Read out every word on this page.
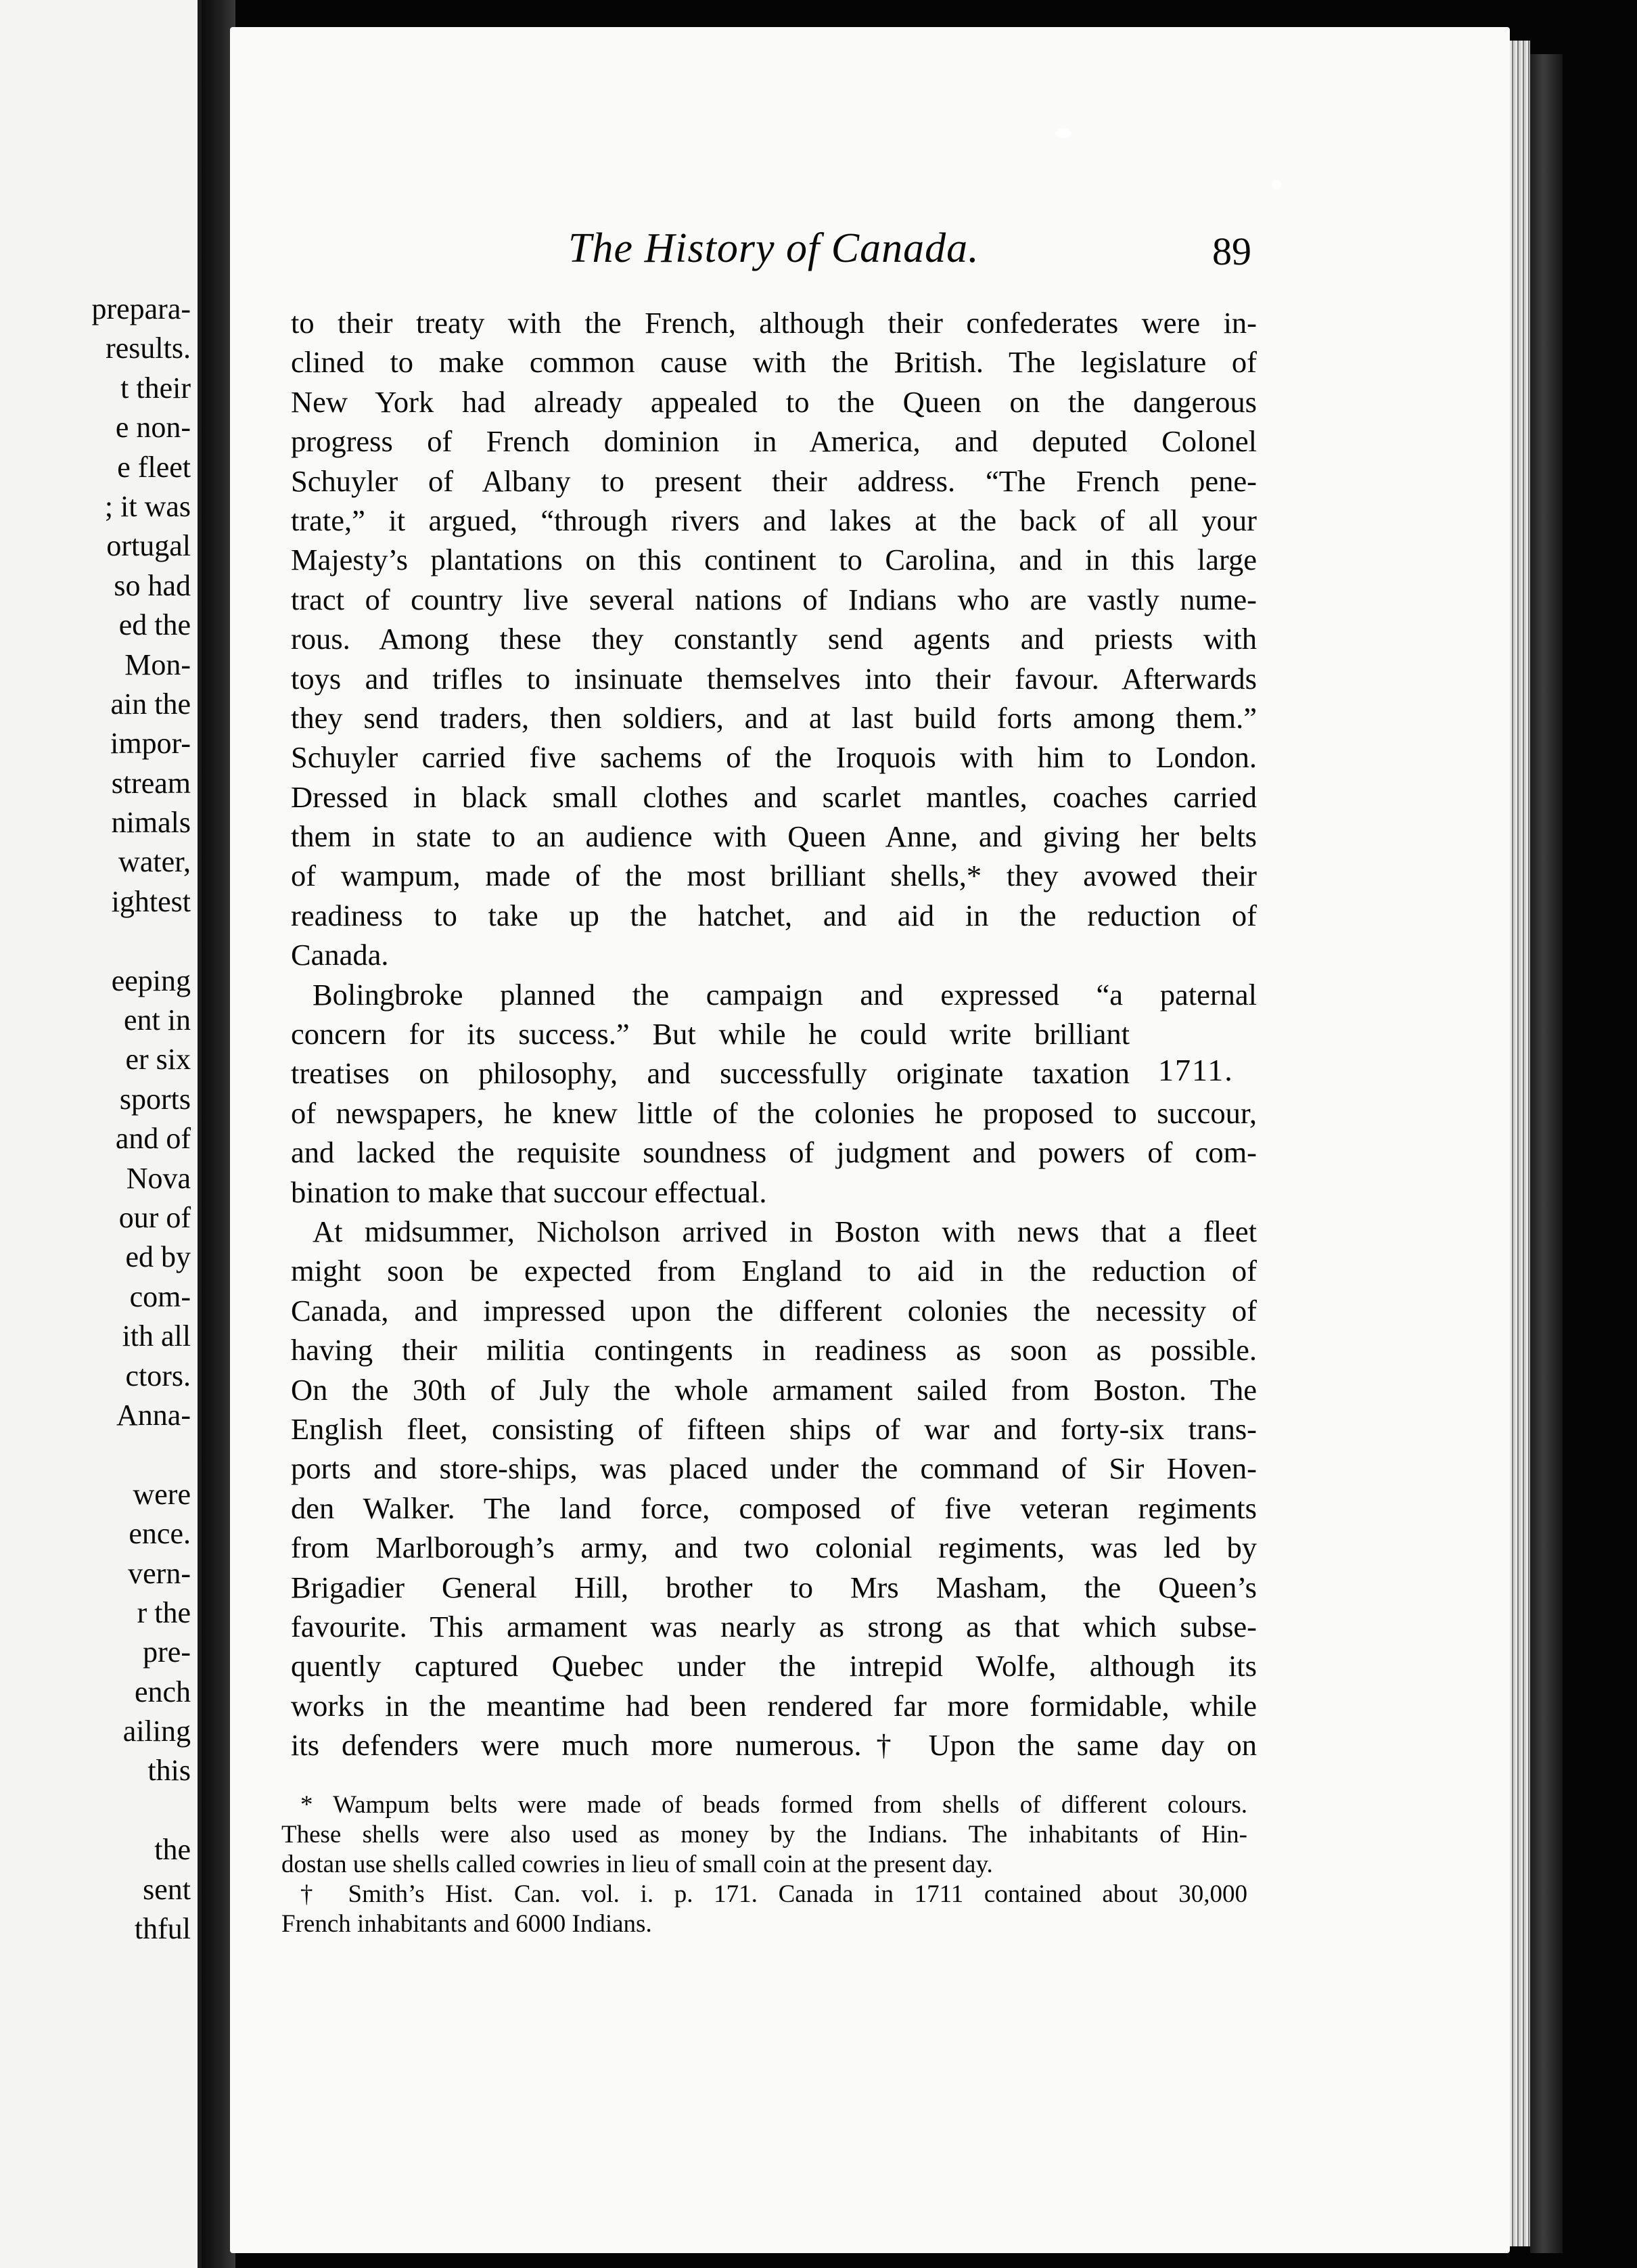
prepara-
results.
t their
e non-
e fleet
; it was
ortugal
so had
ed the
Mon-
ain the
impor-
stream
nimals
water,
ightest
eeping
ent in
er six
sports
and of
Nova
our of
ed by
com-
ith all
ctors.
Anna-
were
ence.
vern-
r the
pre-
ench
ailing
this
the
sent
thful
The History of Canada.	89
to their treaty with the French, although their confederates were in-
clined to make common cause with the British. The legislature of
New York had already appealed to the Queen on the dangerous
progress of French dominion in America, and deputed Colonel
Schuyler of Albany to present their address. “The French pene-
trate,” it argued, “through rivers and lakes at the back of all your
Majesty’s plantations on this continent to Carolina, and in this large
tract of country live several nations of Indians who are vastly nume-
rous. Among these they constantly send agents and priests with
toys and trifles to insinuate themselves into their favour. Afterwards
they send traders, then soldiers, and at last build forts among them.”
Schuyler carried five sachems of the Iroquois with him to London.
Dressed in black small clothes and scarlet mantles, coaches carried
them in state to an audience with Queen Anne, and giving her belts
of wampum, made of the most brilliant shells,* they avowed their
readiness to take up the hatchet, and aid in the reduction of
Canada.
Bolingbroke planned the campaign and expressed “a paternal
concern for its success.” But while he could write brilliant
treatises on philosophy, and successfully originate taxation
of newspapers, he knew little of the colonies he proposed to succour,
and lacked the requisite soundness of judgment and powers of com-
bination to make that succour effectual.
At midsummer, Nicholson arrived in Boston with news that a fleet
might soon be expected from England to aid in the reduction of
Canada, and impressed upon the different colonies the necessity of
having their militia contingents in readiness as soon as possible.
On the 30th of July the whole armament sailed from Boston. The
English fleet, consisting of fifteen ships of war and forty-six trans-
ports and store-ships, was placed under the command of Sir Hoven-
den Walker. The land force, composed of five veteran regiments
from Marlborough’s army, and two colonial regiments, was led by
Brigadier General Hill, brother to Mrs Masham, the Queen’s
favourite. This armament was nearly as strong as that which subse-
quently captured Quebec under the intrepid Wolfe, although its
works in the meantime had been rendered far more formidable, while
its defenders were much more numerous.† Upon the same day on
1711.
* Wampum belts were made of beads formed from shells of different colours.
These shells were also used as money by the Indians. The inhabitants of Hin-
dostan use shells called cowries in lieu of small coin at the present day.
† Smith’s Hist. Can. vol. i. p. 171. Canada in 1711 contained about 30,000
French inhabitants and 6000 Indians.
